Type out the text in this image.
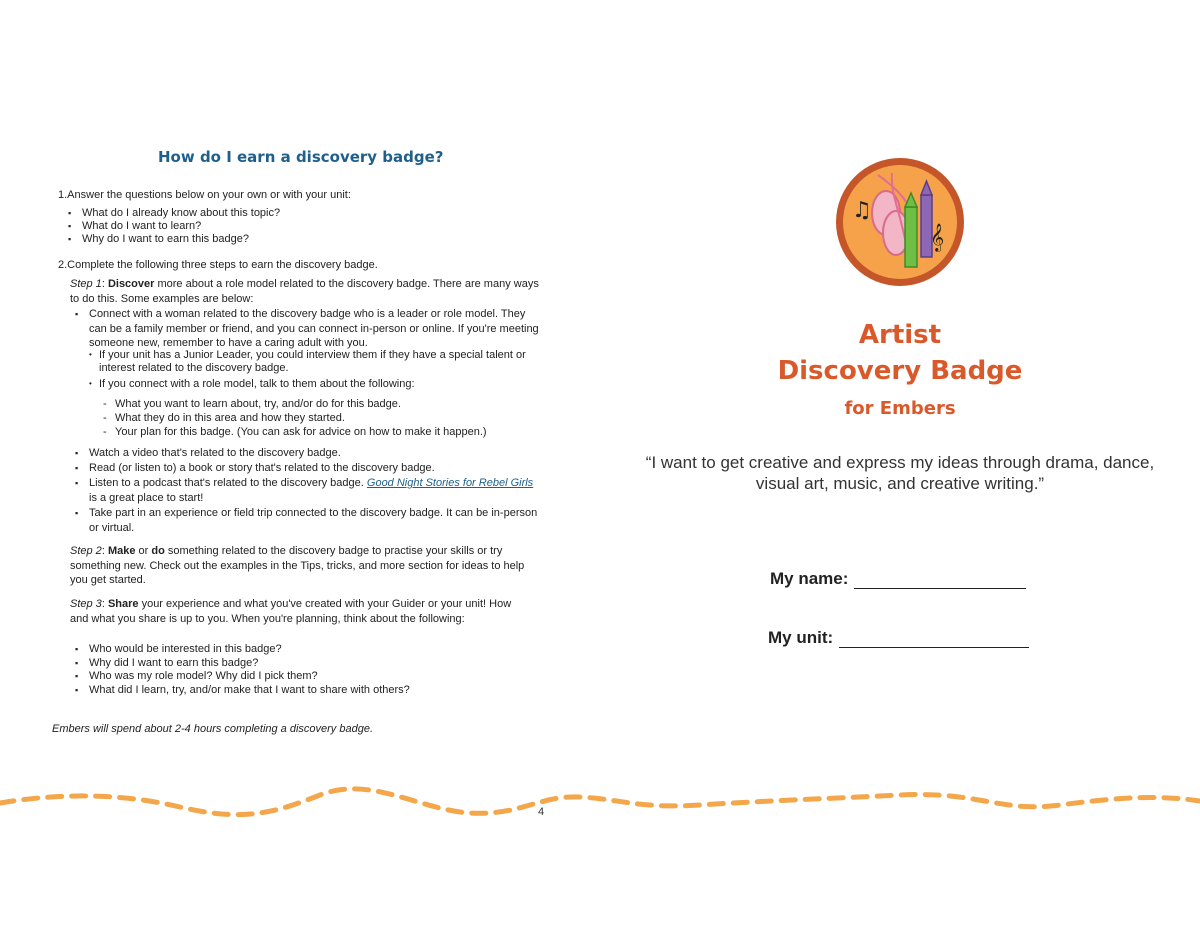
How do I earn a discovery badge?
1.Answer the questions below on your own or with your unit:
▪ What do I already know about this topic?
▪ What do I want to learn?
▪ Why do I want to earn this badge?
2.Complete the following three steps to earn the discovery badge.
Step 1: Discover more about a role model related to the discovery badge. There are many ways to do this. Some examples are below:
▪ Connect with a woman related to the discovery badge who is a leader or role model. They can be a family member or friend, and you can connect in-person or online. If you're meeting someone new, remember to have a caring adult with you.
• If your unit has a Junior Leader, you could interview them if they have a special talent or interest related to the discovery badge.
• If you connect with a role model, talk to them about the following:
- What you want to learn about, try, and/or do for this badge.
- What they do in this area and how they started.
- Your plan for this badge. (You can ask for advice on how to make it happen.)
▪ Watch a video that's related to the discovery badge.
▪ Read (or listen to) a book or story that's related to the discovery badge.
▪ Listen to a podcast that's related to the discovery badge. Good Night Stories for Rebel Girls is a great place to start!
▪ Take part in an experience or field trip connected to the discovery badge. It can be in-person or virtual.
Step 2: Make or do something related to the discovery badge to practise your skills or try something new. Check out the examples in the Tips, tricks, and more section for ideas to help you get started.
Step 3: Share your experience and what you've created with your Guider or your unit! How and what you share is up to you. When you're planning, think about the following:
▪ Who would be interested in this badge?
▪ Why did I want to earn this badge?
▪ Who was my role model? Why did I pick them?
▪ What did I learn, try, and/or make that I want to share with others?
Embers will spend about 2-4 hours completing a discovery badge.
4
♫
𝄞
Artist
Discovery Badge
for Embers
“I want to get creative and express my ideas through drama, dance, visual art, music, and creative writing.”
My name:
My unit:
